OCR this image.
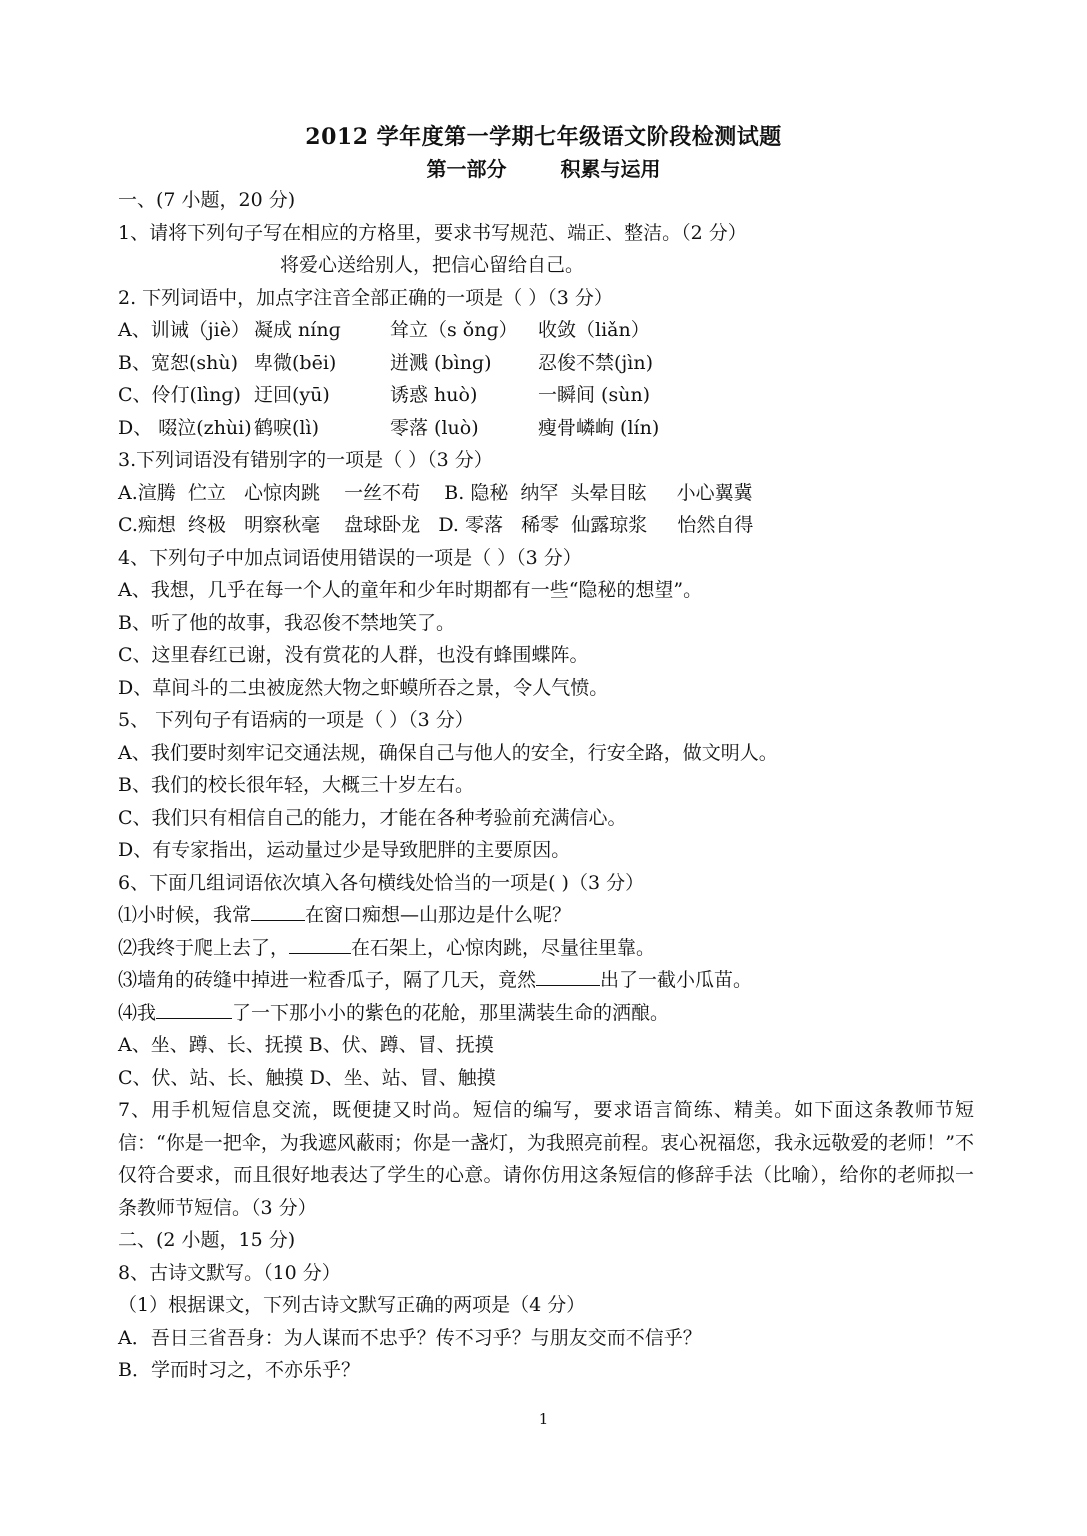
2012 学年度第一学期七年级语文阶段检测试题
第一部分	积累与运用
一、(7 小题，20 分)
1、请将下列句子写在相应的方格里，要求书写规范、端正、整洁。（2 分）
将爱心送给别人，把信心留给自己。
2. 下列词语中，加点字注音全部正确的一项是（ ）（3 分）
A、训诫（jiè） 凝成 nínɡ	耸立（s ǒnɡ） 收敛（liǎn）
B、宽恕(shù) 卑微(bēi)	迸溅 (bìnɡ) 忍俊不禁(jìn)
C、伶仃(lìnɡ) 迂回(yū)	诱惑 huò)	一瞬间 (sùn)
D、 啜泣(zhùi) 鹤唳(lì)	零落 (luò)	瘦骨嶙峋 (lín)
3.下列词语没有错别字的一项是（ ）（3 分）
A.渲腾  伫立   心惊肉跳    一丝不苟    B. 隐秘  纳罕  头晕目眩     小心翼冀
C.痴想  终极   明察秋毫    盘球卧龙   D. 零落   稀零  仙露琼浆     怡然自得
4、下列句子中加点词语使用错误的一项是（ ）（3 分）
A、我想，几乎在每一个人的童年和少年时期都有一些“隐秘的想望”。
B、听了他的故事，我忍俊不禁地笑了。
C、这里春红已谢，没有赏花的人群，也没有蜂围蝶阵。
D、草间斗的二虫被庞然大物之虾蟆所吞之景，令人气愤。
5、 下列句子有语病的一项是（ ）（3 分）
A、我们要时刻牢记交通法规，确保自己与他人的安全，行安全路，做文明人。
B、我们的校长很年轻，大概三十岁左右。
C、我们只有相信自己的能力，才能在各种考验前充满信心。
D、有专家指出，运动量过少是导致肥胖的主要原因。
6、下面几组词语依次填入各句横线处恰当的一项是( )（3 分）
⑴小时候，我常	在窗口痴想—山那边是什么呢？
⑵我终于爬上去了，	在石架上，心惊肉跳，尽量往里靠。
⑶墙角的砖缝中掉进一粒香瓜子，隔了几天，竟然	出了一截小瓜苗。
⑷我	了一下那小小的紫色的花舱，那里满装生命的洒酿。
A、坐、蹲、长、抚摸 B、伏、蹲、冒、抚摸
C、伏、站、长、触摸 D、坐、站、冒、触摸
7、用手机短信息交流，既便捷又时尚。短信的编写，要求语言简练、精美。如下面这条教师节短信：“你是一把伞，为我遮风蔽雨；你是一盏灯，为我照亮前程。衷心祝福您，我永远敬爱的老师！”不仅符合要求，而且很好地表达了学生的心意。请你仿用这条短信的修辞手法（比喻），给你的老师拟一条教师节短信。（3 分）
二、(2 小题，15 分)
8、古诗文默写。（10 分）
（1）根据课文，下列古诗文默写正确的两项是（4 分）
A．吾日三省吾身：为人谋而不忠乎？传不习乎？与朋友交而不信乎？
B．学而时习之，不亦乐乎？
1
